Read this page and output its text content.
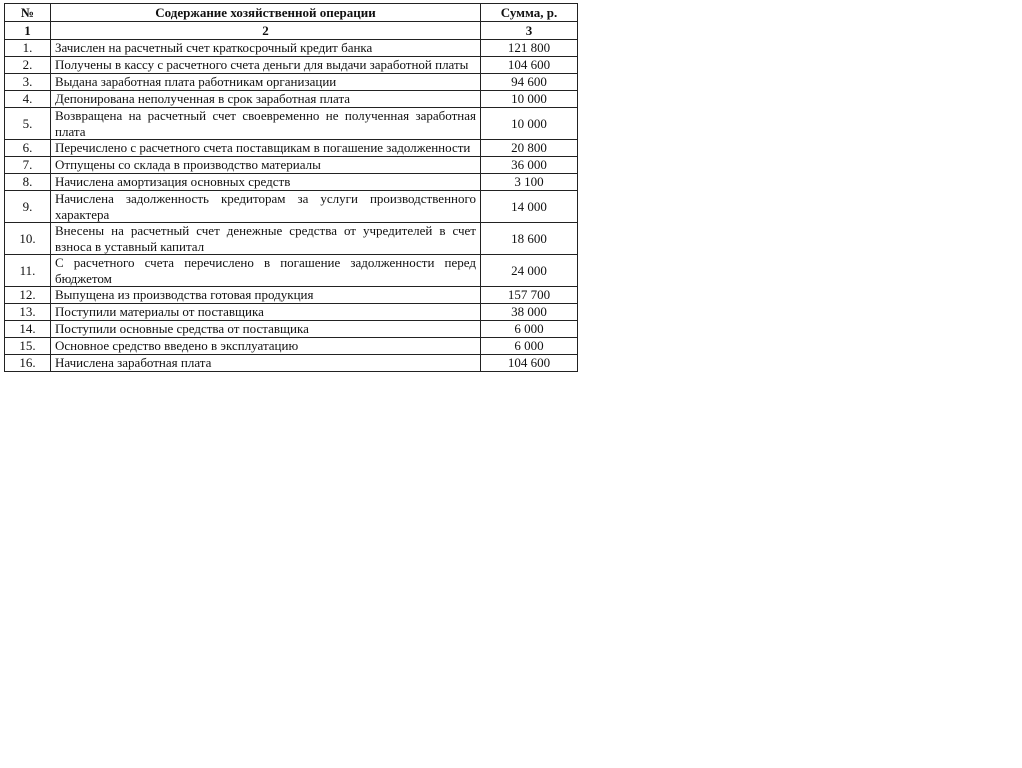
№	Содержание хозяйственной операции	Сумма, р.
1	2	3
1.	Зачислен на расчетный счет краткосрочный кредит банка	121 800
2.	Получены в кассу с расчетного счета деньги для выдачи заработной платы	104 600
3.	Выдана заработная плата работникам организации	94 600
4.	Депонирована неполученная в срок заработная плата	10 000
5.	Возвращена на расчетный счет своевременно не полученная заработная плата	10 000
6.	Перечислено с расчетного счета поставщикам в погашение задолженности	20 800
7.	Отпущены со склада в производство материалы	36 000
8.	Начислена амортизация основных средств	3 100
9.	Начислена задолженность кредиторам за услуги производственного характера	14 000
10.	Внесены на расчетный счет денежные средства от учредителей в счет взноса в уставный капитал	18 600
11.	С расчетного счета перечислено в погашение задолженности перед бюджетом	24 000
12.	Выпущена из производства готовая продукция	157 700
13.	Поступили материалы от поставщика	38 000
14.	Поступили основные средства от поставщика	6 000
15.	Основное средство введено в эксплуатацию	6 000
16.	Начислена заработная плата	104 600
